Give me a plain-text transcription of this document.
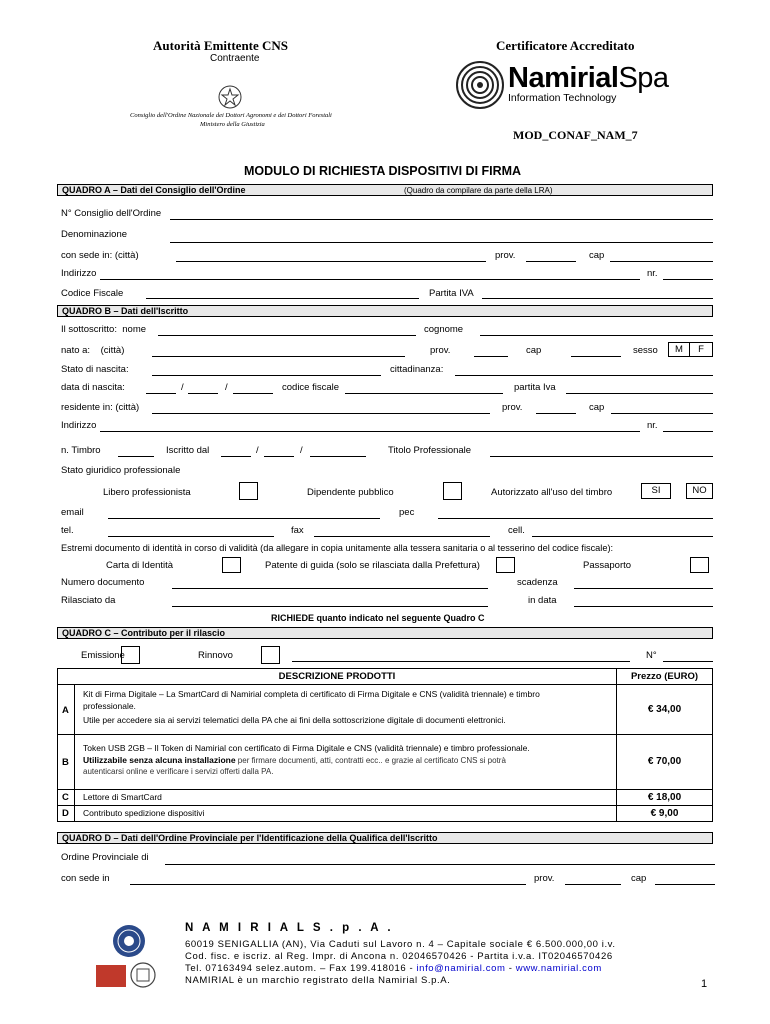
Autorità Emittente CNS
Contraente
Consiglio dell'Ordine Nazionale dei Dottori Agronomi e dei Dottori Forestali
Ministero della Giustizia
Certificatore Accreditato
NamirialSpa
Information Technology
MOD_CONAF_NAM_7
MODULO DI RICHIESTA DISPOSITIVI DI FIRMA
QUADRO A – Dati del Consiglio dell'Ordine	(Quadro da compilare da parte della LRA)
N° Consiglio dell'Ordine
Denominazione
con sede in: (città)	prov.	cap
Indirizzo	nr.
Codice Fiscale	Partita IVA
QUADRO B – Dati dell'Iscritto
Il sottoscritto: nome	cognome
nato a: (città)	prov.	cap	sesso	M	F
Stato di nascita:	cittadinanza:
data di nascita:	/	/	codice fiscale	partita Iva
residente in: (città)	prov.	cap
Indirizzo	nr.
n. Timbro	Iscritto dal	/	/	Titolo Professionale
Stato giuridico professionale
Libero professionista	Dipendente pubblico	Autorizzato all'uso del timbro	SI	NO
email	pec
tel.	fax	cell.
Estremi documento di identità in corso di validità (da allegare in copia unitamente alla tessera sanitaria o al tesserino del codice fiscale):
Carta di Identità	Patente di guida (solo se rilasciata dalla Prefettura)	Passaporto
Numero documento	scadenza
Rilasciato da	in data
RICHIEDE quanto indicato nel seguente Quadro C
QUADRO C – Contributo per il rilascio
Emissione	Rinnovo	N°
DESCRIZIONE PRODOTTI	Prezzo (EURO)
A
Kit di Firma Digitale – La SmartCard di Namirial completa di certificato di Firma Digitale e CNS (validità triennale) e timbro
professionale.
Utile per accedere sia ai servizi telematici della PA che ai fini della sottoscrizione digitale di documenti elettronici.
€ 34,00
B
Token USB 2GB – Il Token di Namirial con certificato di Firma Digitale e CNS (validità triennale) e timbro professionale.
Utilizzabile senza alcuna installazione per firmare documenti, atti, contratti ecc.. e grazie al certificato CNS si potrà
autenticarsi online e verificare i servizi offerti dalla PA.
€ 70,00
C Lettore di SmartCard	€ 18,00
D Contributo spedizione dispositivi	€ 9,00
QUADRO D – Dati dell'Ordine Provinciale per l'Identificazione della Qualifica dell'Iscritto
Ordine Provinciale di
con sede in	prov.	cap
N A M I R I A L S . p . A .
60019 SENIGALLIA (AN), Via Caduti sul Lavoro n. 4 – Capitale sociale € 6.500.000,00 i.v.
Cod. fisc. e iscriz. al Reg. Impr. di Ancona n. 02046570426 - Partita i.v.a. IT02046570426
Tel. 07163494 selez.autom. – Fax 199.418016 - info@namirial.com - www.namirial.com
NAMIRIAL è un marchio registrato della Namirial S.p.A.	1
